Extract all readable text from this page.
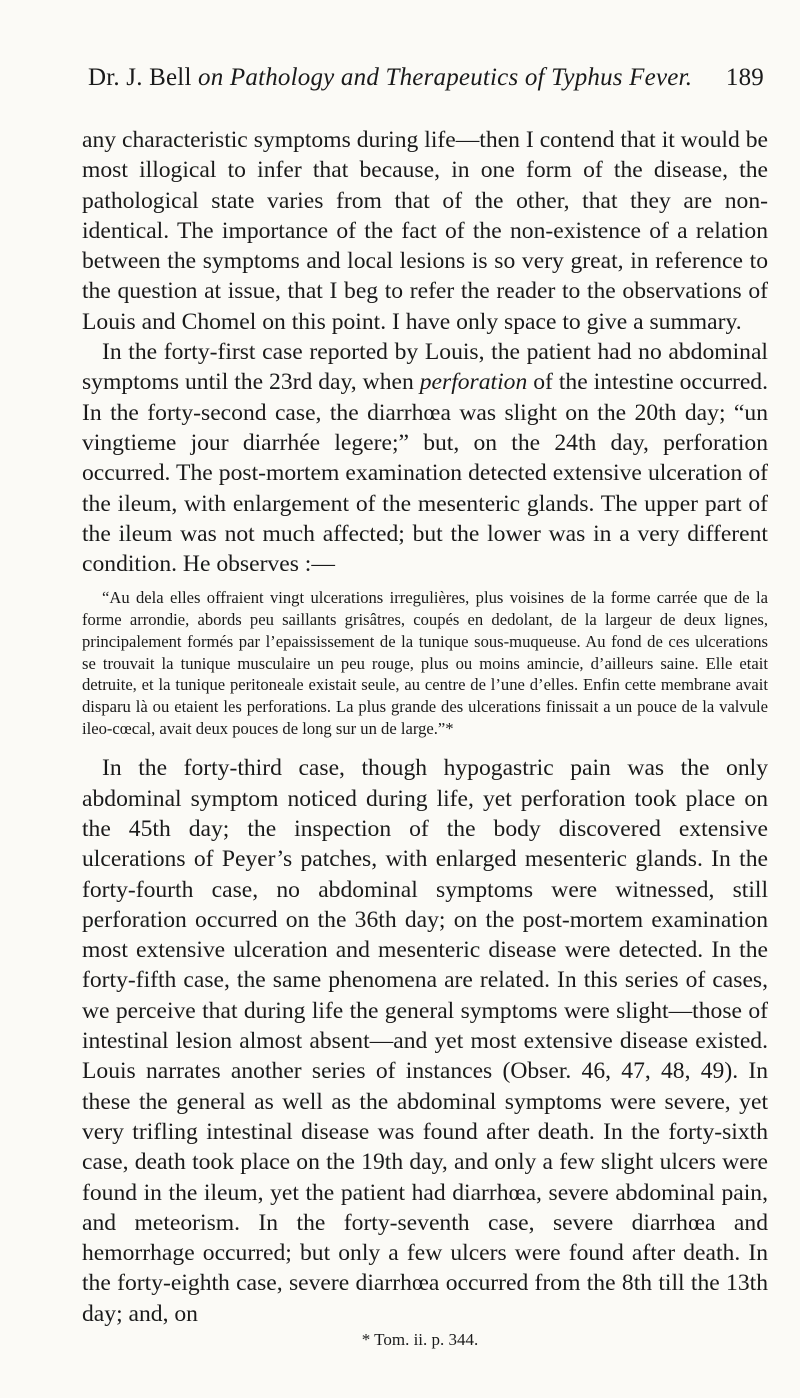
Dr. J. Bell on Pathology and Therapeutics of Typhus Fever. 189

any characteristic symptoms during life—then I contend that it would be most illogical to infer that because, in one form of the disease, the pathological state varies from that of the other, that they are non-identical. The importance of the fact of the non-existence of a relation between the symptoms and local lesions is so very great, in reference to the question at issue, that I beg to refer the reader to the observations of Louis and Chomel on this point. I have only space to give a summary.

In the forty-first case reported by Louis, the patient had no abdominal symptoms until the 23rd day, when perforation of the intestine occurred. In the forty-second case, the diarrhœa was slight on the 20th day; “un vingtieme jour diarrhée legere;” but, on the 24th day, perforation occurred. The post-mortem examination detected extensive ulceration of the ileum, with enlargement of the mesenteric glands. The upper part of the ileum was not much affected; but the lower was in a very different condition. He observes :—

“Au dela elles offraient vingt ulcerations irregulières, plus voisines de la forme carrée que de la forme arrondie, abords peu saillants grisâtres, coupés en dedolant, de la largeur de deux lignes, principalement formés par l’epaississement de la tunique sous-muqueuse. Au fond de ces ulcerations se trouvait la tunique musculaire un peu rouge, plus ou moins amincie, d’ailleurs saine. Elle etait detruite, et la tunique peritoneale existait seule, au centre de l’une d’elles. Enfin cette membrane avait disparu là ou etaient les perforations. La plus grande des ulcerations finissait a un pouce de la valvule ileo-cœcal, avait deux pouces de long sur un de large.”*

In the forty-third case, though hypogastric pain was the only abdominal symptom noticed during life, yet perforation took place on the 45th day; the inspection of the body discovered extensive ulcerations of Peyer’s patches, with enlarged mesenteric glands. In the forty-fourth case, no abdominal symptoms were witnessed, still perforation occurred on the 36th day; on the post-mortem examination most extensive ulceration and mesenteric disease were detected. In the forty-fifth case, the same phenomena are related. In this series of cases, we perceive that during life the general symptoms were slight—those of intestinal lesion almost absent—and yet most extensive disease existed. Louis narrates another series of instances (Obser. 46, 47, 48, 49). In these the general as well as the abdominal symptoms were severe, yet very trifling intestinal disease was found after death. In the forty-sixth case, death took place on the 19th day, and only a few slight ulcers were found in the ileum, yet the patient had diarrhœa, severe abdominal pain, and meteorism. In the forty-seventh case, severe diarrhœa and hemorrhage occurred; but only a few ulcers were found after death. In the forty-eighth case, severe diarrhœa occurred from the 8th till the 13th day; and, on

* Tom. ii. p. 344.
